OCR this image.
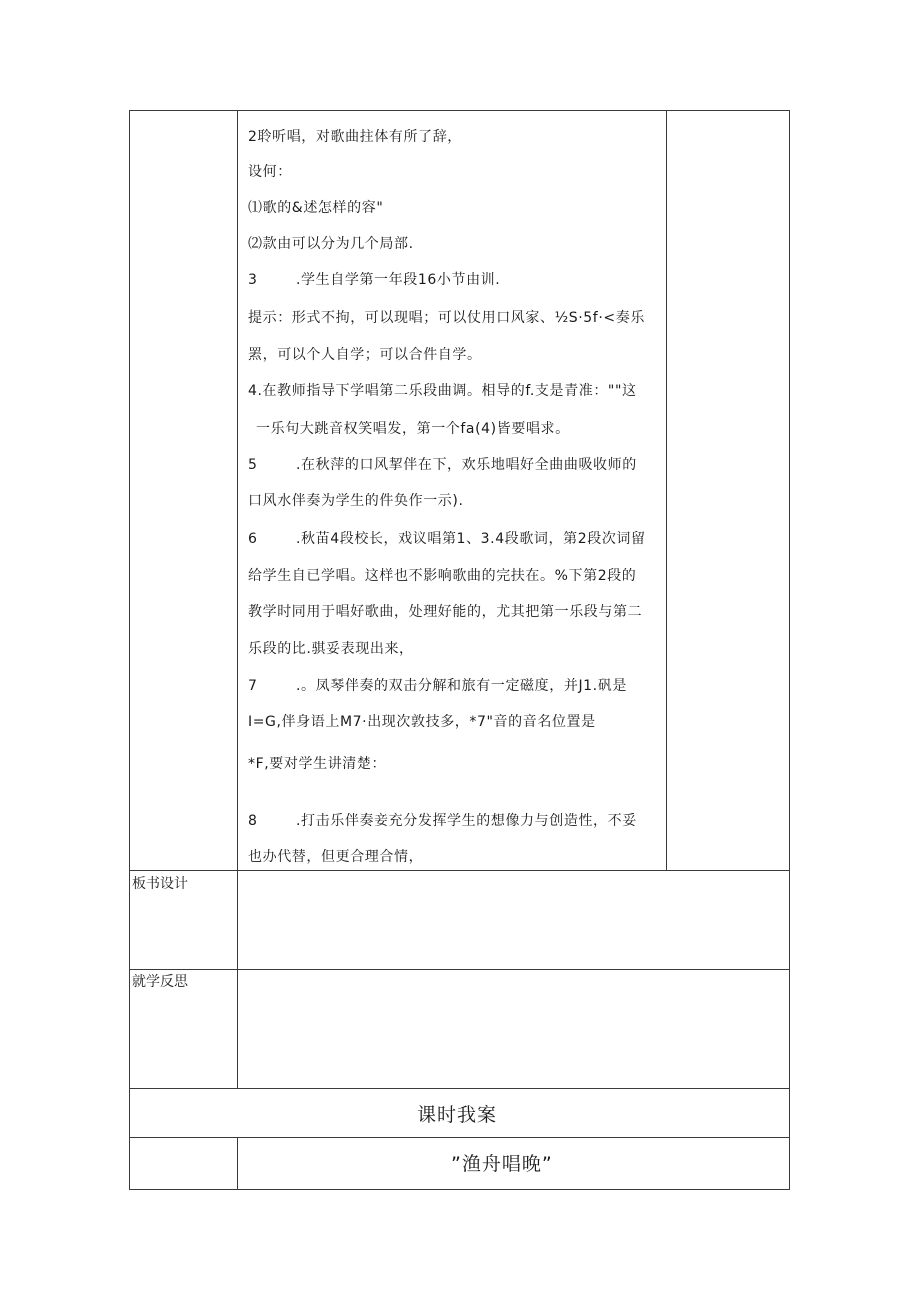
2聆听唱，对歌曲拄体有所了辞，
设何：
⑴歌的&述怎样的容"
⑵款由可以分为几个局部.
3	.学生自学第一年段16小节由训.
提示：形式不拘，可以现唱；可以仗用口风家、½S·5f·<奏乐
罴，可以个人自学；可以合件自学。
4.在教师指导下学唱第二乐段曲调。相导的f.支是青准：""这
一乐句大跳音权笑唱发，第一个fa(4)皆要唱求。
5	.在秋萍的口风挈伴在下，欢乐地唱好全曲曲吸收师的
口风水伴奏为学生的件奂作一示).
6	.秋苗4段校长，戏议唱第1、3.4段歌词，第2段次词留
给学生自已学唱。这样也不影响歌曲的完扶在。%下第2段的
教学时同用于唱好歌曲，处理好能的，尤其把第一乐段与第二
乐段的比.骐妥表现出来，
7	.。凤琴伴奏的双击分解和旅有一定磁度，并J1.矾是
I=G,伴身语上M7·出现次敦技多，*7"音的音名位置是
*F,要对学生讲清楚：
8	.打击乐伴奏妾充分发挥学生的想像力与创造性，不妥
也办代替，但更合理合情，
板书设计
就学反思
课时我案
”渔舟唱晚”
